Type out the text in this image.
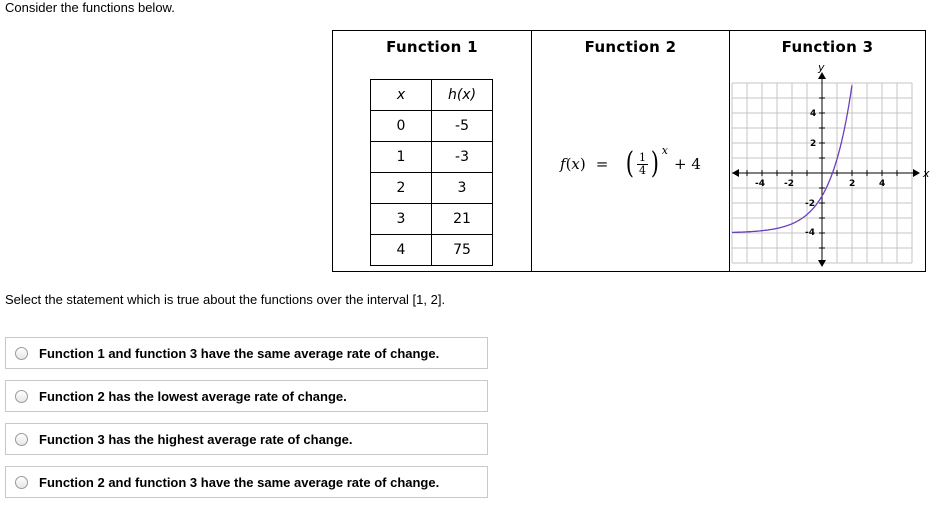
Consider the functions below.
Function 1
x	h(x)
0	-5
1	-3
2	3
3	21
4	75
Function 2
f ( x ) = ( $\frac{1}{4}$ ) x
+ 4
Function 3
x
y
-4 -2	2	4
4
2
-2
-4
Select the statement which is true about the functions over the interval [1, 2].
Function 1 and function 3 have the same average rate of change.
Function 2 has the lowest average rate of change.
Function 3 has the highest average rate of change.
Function 2 and function 3 have the same average rate of change.
